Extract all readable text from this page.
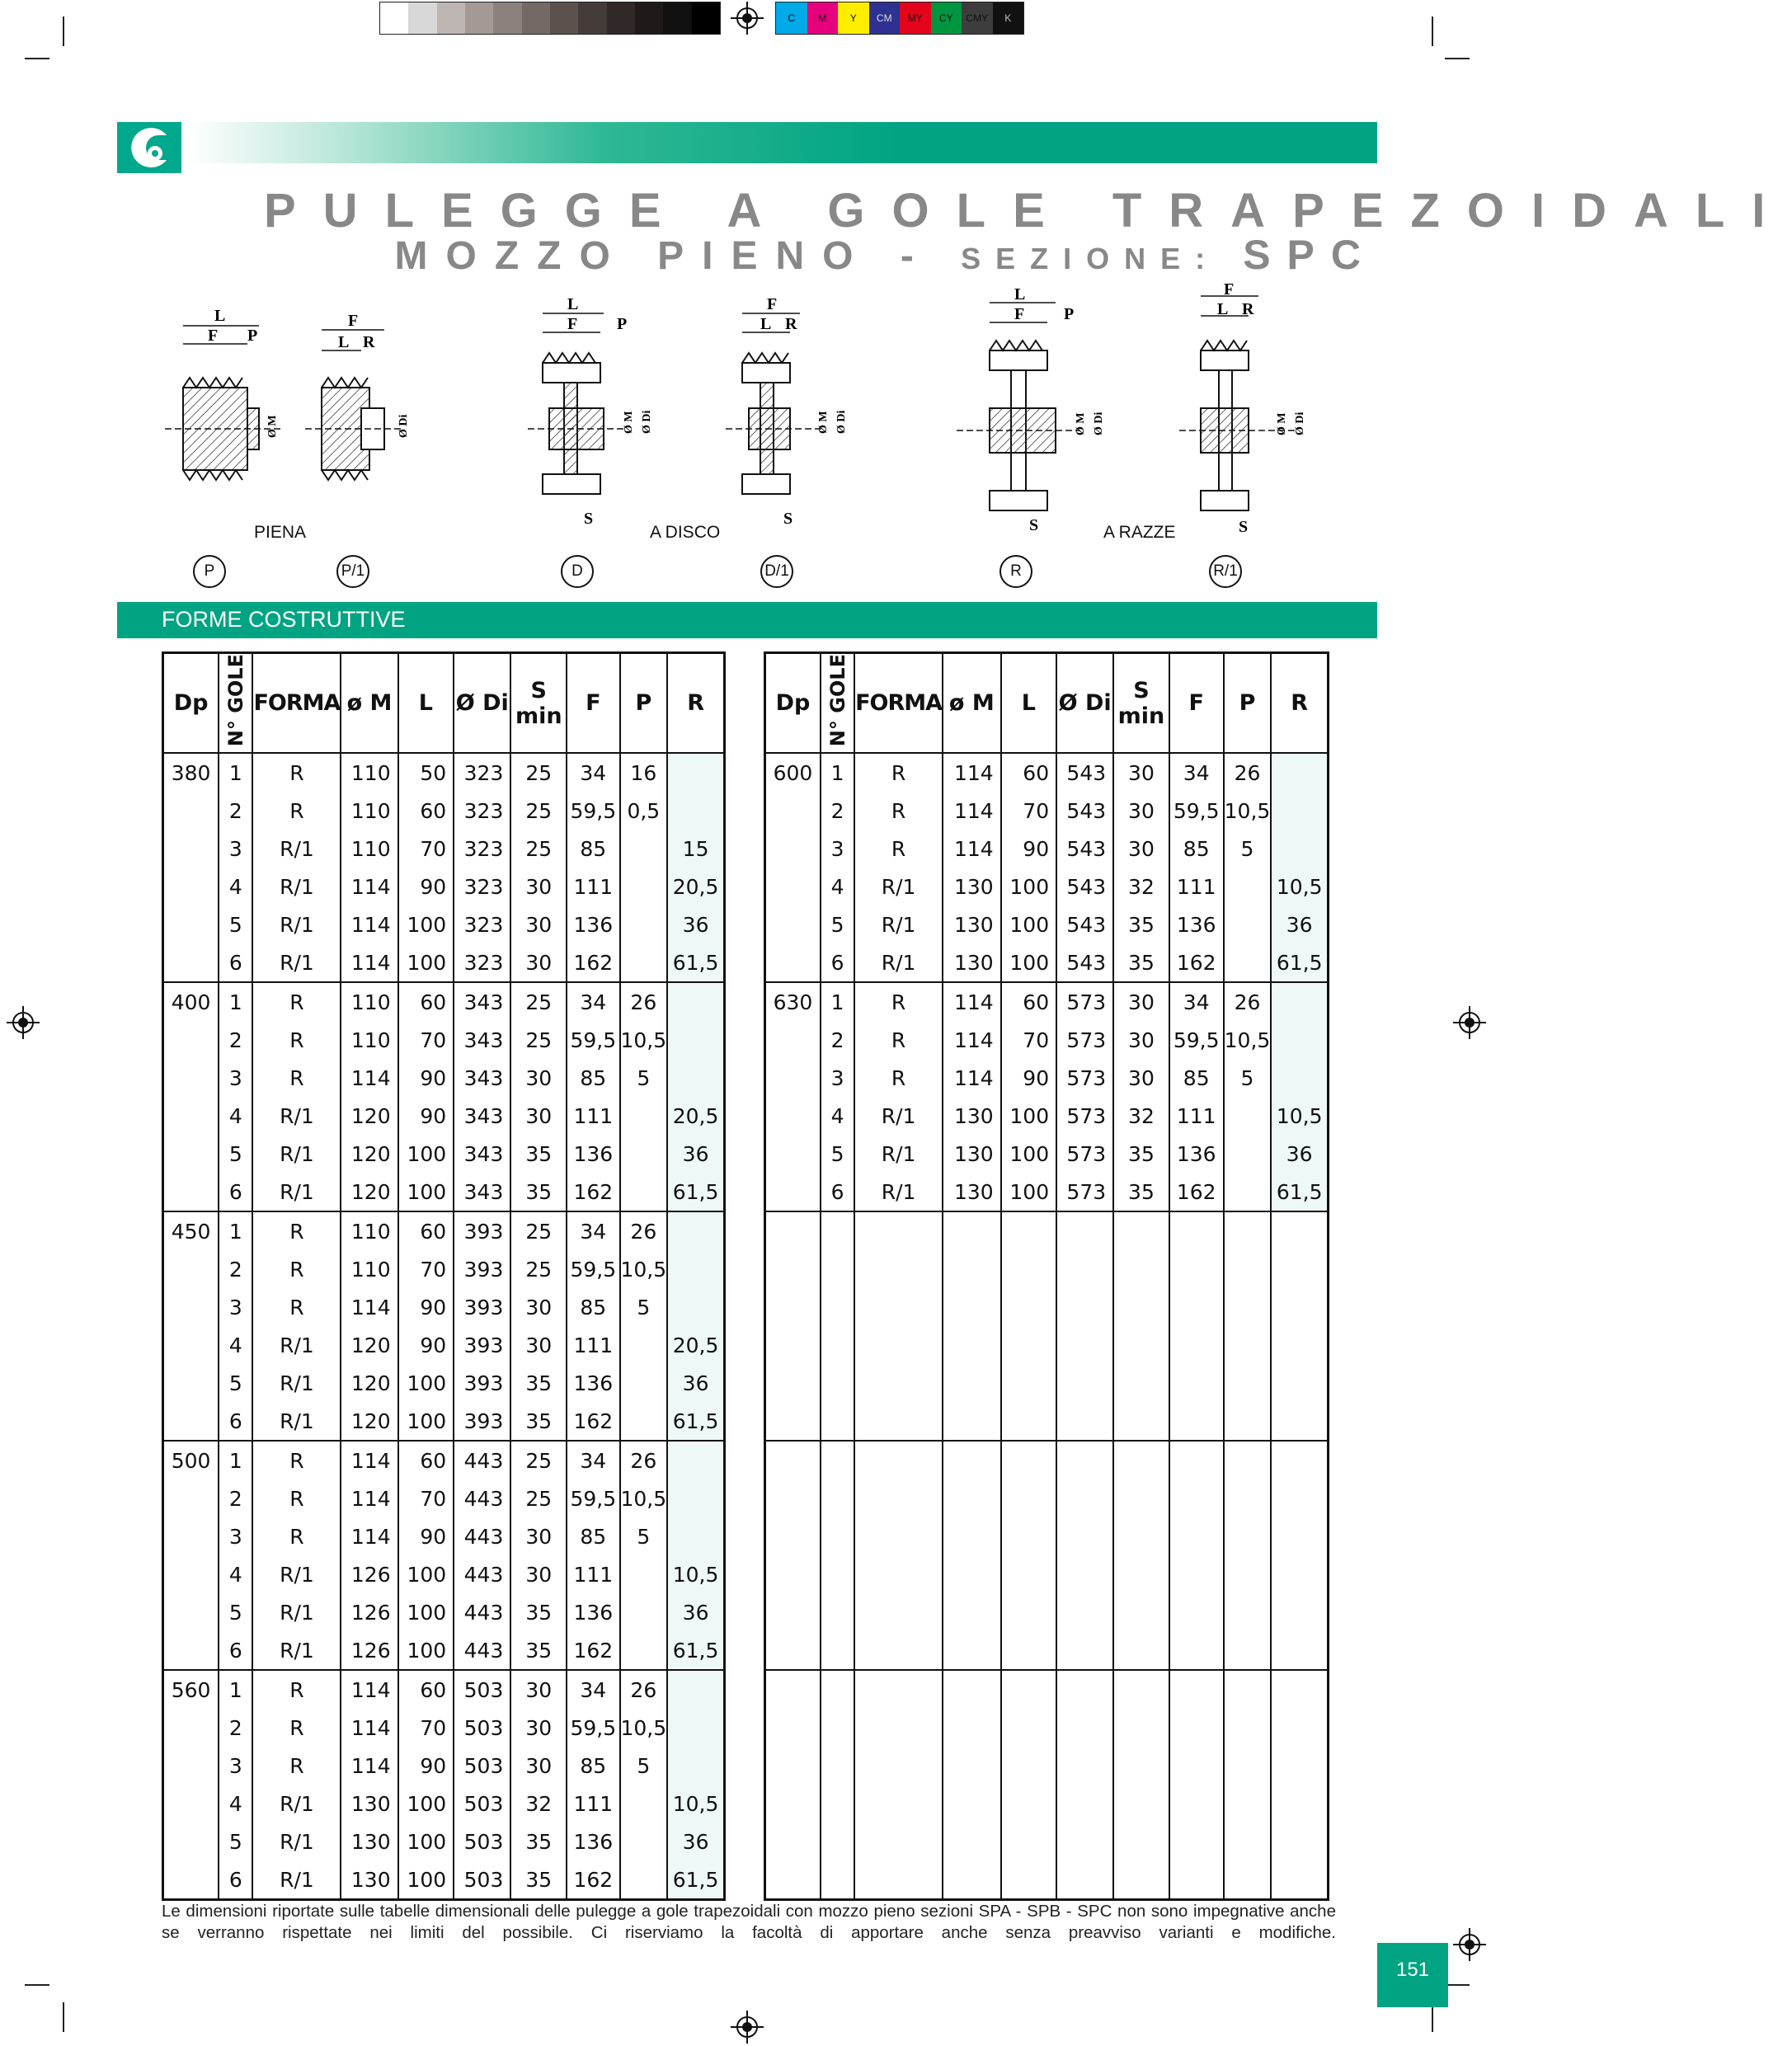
C	M	Y	CM	MY	CY	CMY	K
PULEGGE A GOLE TRAPEZOIDALI
MOZZO PIENO - SEZIONE: SPC
L
F P
Ø M
F
L R
Ø Di
L
F P
S
Ø M Ø Di
F
L R
S
Ø M Ø Di
L
F P
S
Ø M Ø Di
F
L R
S
Ø M Ø Di
PIENA	A DISCO	A RAZZE
P	P/1	D	D/1	R	R/1
FORME COSTRUTTIVE
Dp	N° GOLE	FORMA	ø M	L	Ø Di	S
min	F	P	R
380	1	R	110	50	323	25	34	16	
	2	R	110	60	323	25	59,5	0,5	
	3	R/1	110	70	323	25	85		15
	4	R/1	114	90	323	30	111		20,5
	5	R/1	114	100	323	30	136		36
	6	R/1	114	100	323	30	162		61,5
400	1	R	110	60	343	25	34	26	
	2	R	110	70	343	25	59,5	10,5	
	3	R	114	90	343	30	85	5	
	4	R/1	120	90	343	30	111		20,5
	5	R/1	120	100	343	35	136		36
	6	R/1	120	100	343	35	162		61,5
450	1	R	110	60	393	25	34	26	
	2	R	110	70	393	25	59,5	10,5	
	3	R	114	90	393	30	85	5	
	4	R/1	120	90	393	30	111		20,5
	5	R/1	120	100	393	35	136		36
	6	R/1	120	100	393	35	162		61,5
500	1	R	114	60	443	25	34	26	
	2	R	114	70	443	25	59,5	10,5	
	3	R	114	90	443	30	85	5	
	4	R/1	126	100	443	30	111		10,5
	5	R/1	126	100	443	35	136		36
	6	R/1	126	100	443	35	162		61,5
560	1	R	114	60	503	30	34	26	
	2	R	114	70	503	30	59,5	10,5	
	3	R	114	90	503	30	85	5	
	4	R/1	130	100	503	32	111		10,5
	5	R/1	130	100	503	35	136		36
	6	R/1	130	100	503	35	162		61,5
Dp	N° GOLE	FORMA	ø M	L	Ø Di	S
min	F	P	R
600	1	R	114	60	543	30	34	26	
	2	R	114	70	543	30	59,5	10,5	
	3	R	114	90	543	30	85	5	
	4	R/1	130	100	543	32	111		10,5
	5	R/1	130	100	543	35	136		36
	6	R/1	130	100	543	35	162		61,5
630	1	R	114	60	573	30	34	26	
	2	R	114	70	573	30	59,5	10,5	
	3	R	114	90	573	30	85	5	
	4	R/1	130	100	573	32	111		10,5
	5	R/1	130	100	573	35	136		36
	6	R/1	130	100	573	35	162		61,5

Le dimensioni riportate sulle tabelle dimensionali delle pulegge a gole trapezoidali con mozzo pieno sezioni SPA - SPB - SPC non sono impegnative anche se verranno rispettate nei limiti del possibile. Ci riserviamo la facoltà di apportare anche senza preavviso varianti e modifiche.
151
